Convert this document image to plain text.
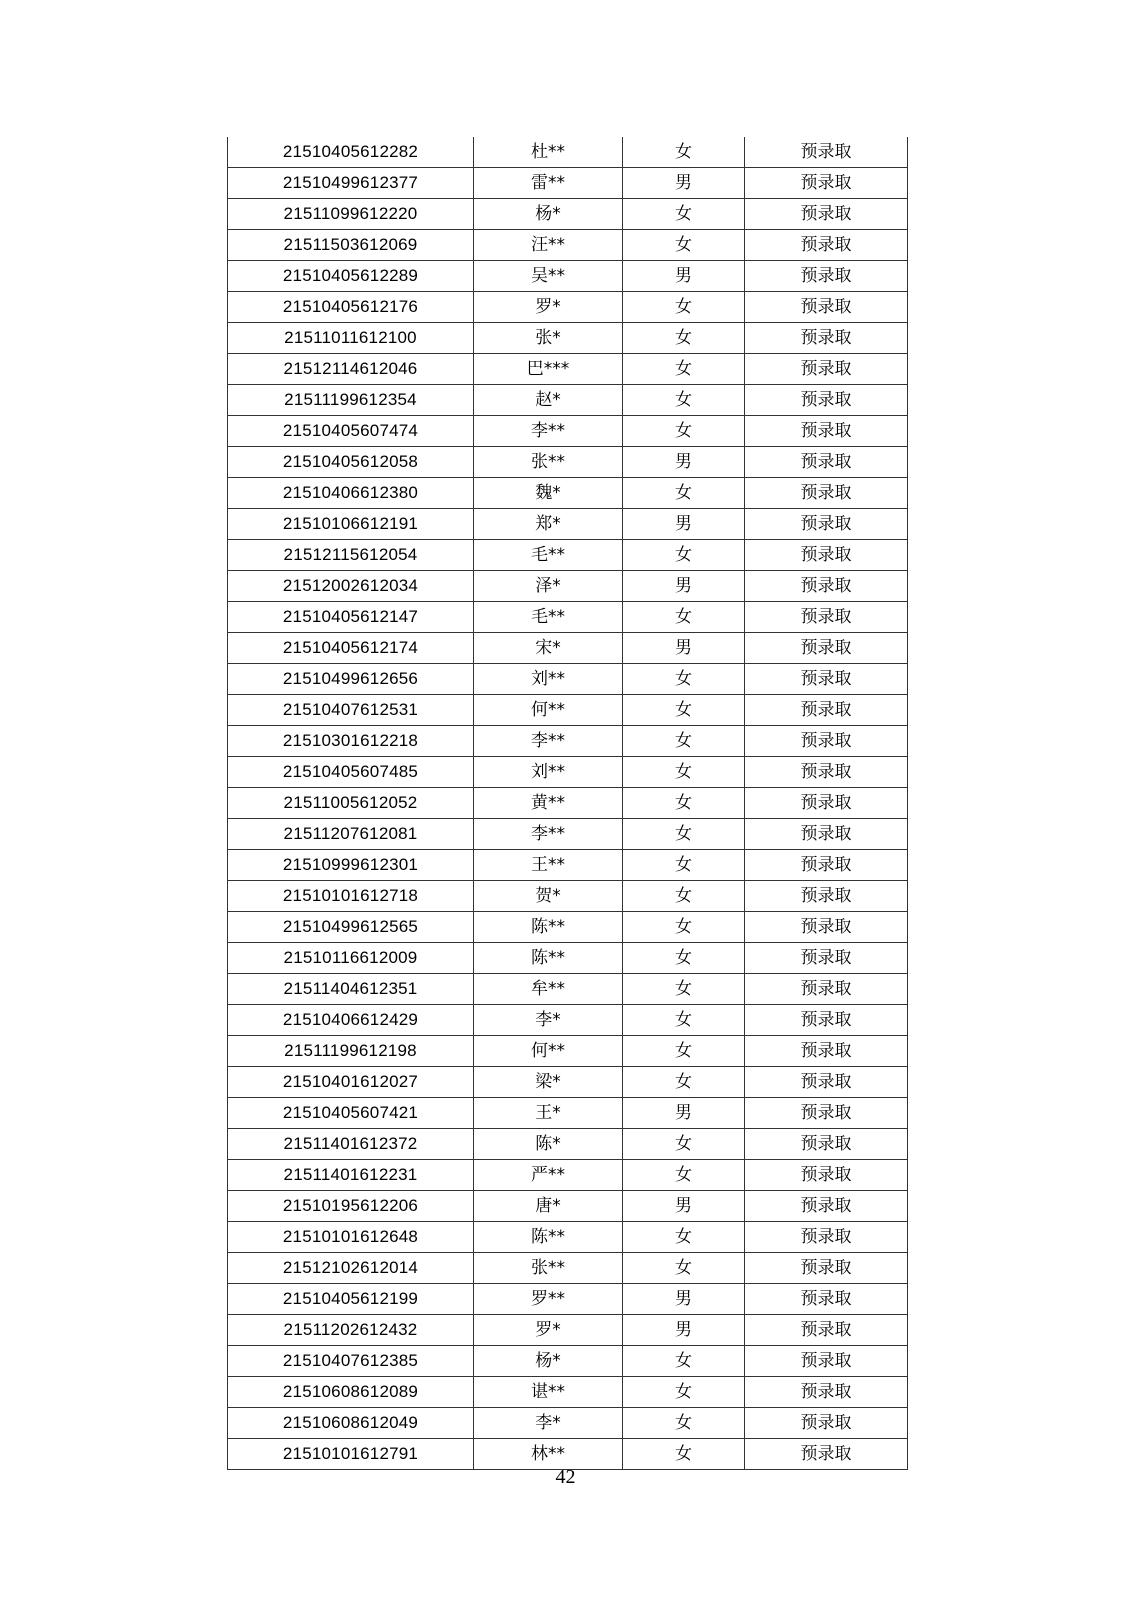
21510405612282	杜**	女	预录取
21510499612377	雷**	男	预录取
21511099612220	杨*	女	预录取
21511503612069	汪**	女	预录取
21510405612289	吴**	男	预录取
21510405612176	罗*	女	预录取
21511011612100	张*	女	预录取
21512114612046	巴***	女	预录取
21511199612354	赵*	女	预录取
21510405607474	李**	女	预录取
21510405612058	张**	男	预录取
21510406612380	魏*	女	预录取
21510106612191	郑*	男	预录取
21512115612054	毛**	女	预录取
21512002612034	泽*	男	预录取
21510405612147	毛**	女	预录取
21510405612174	宋*	男	预录取
21510499612656	刘**	女	预录取
21510407612531	何**	女	预录取
21510301612218	李**	女	预录取
21510405607485	刘**	女	预录取
21511005612052	黄**	女	预录取
21511207612081	李**	女	预录取
21510999612301	王**	女	预录取
21510101612718	贺*	女	预录取
21510499612565	陈**	女	预录取
21510116612009	陈**	女	预录取
21511404612351	牟**	女	预录取
21510406612429	李*	女	预录取
21511199612198	何**	女	预录取
21510401612027	梁*	女	预录取
21510405607421	王*	男	预录取
21511401612372	陈*	女	预录取
21511401612231	严**	女	预录取
21510195612206	唐*	男	预录取
21510101612648	陈**	女	预录取
21512102612014	张**	女	预录取
21510405612199	罗**	男	预录取
21511202612432	罗*	男	预录取
21510407612385	杨*	女	预录取
21510608612089	谌**	女	预录取
21510608612049	李*	女	预录取
21510101612791	林**	女	预录取
42
